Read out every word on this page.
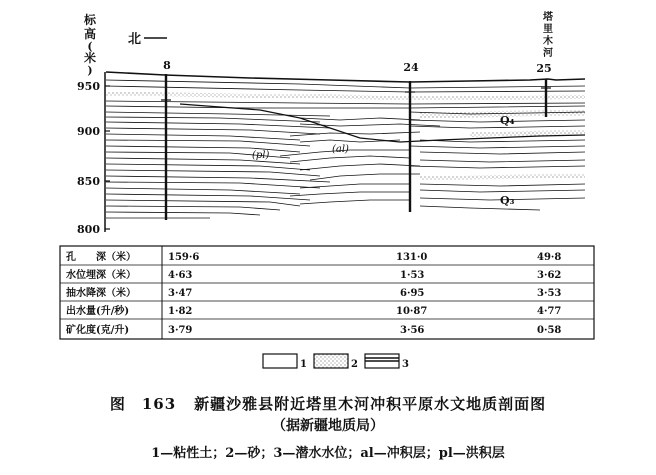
标
高
(
米
)
950
900
850
800
北
塔
里
木
河
8	24	25
Q₄
Q₃
(pl)
(al)
孔　　深（米）	159·6	131·0	49·8
水位埋深（米）	4·63	1·53	3·62
抽水降深（米）	3·47	6·95	3·53
出水量(升/秒)	1·82	10·87	4·77
矿化度(克/升)	3·79	3·56	0·58
1	2	3
图　163 新疆沙雅县附近塔里木河冲积平原水文地质剖面图
（据新疆地质局）
1—粘性土；2—砂；3—潜水水位；al—冲积层；pl—洪积层
